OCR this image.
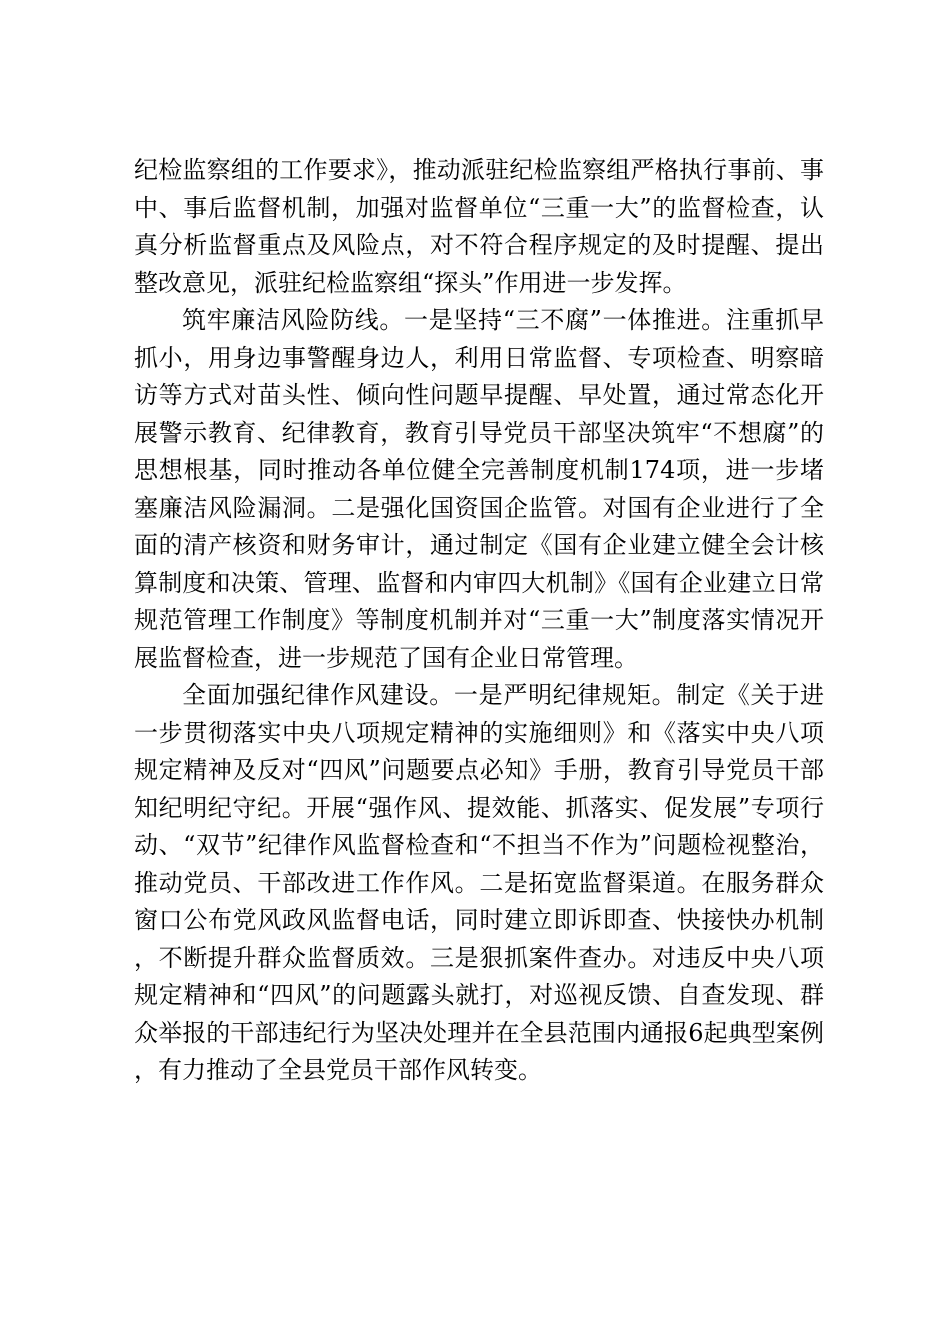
纪检监察组的工作要求》，推动派驻纪检监察组严格执行事前、事中、事后监督机制，加强对监督单位“三重一大”的监督检查，认真分析监督重点及风险点，对不符合程序规定的及时提醒、提出整改意见，派驻纪检监察组“探头”作用进一步发挥。

筑牢廉洁风险防线。一是坚持“三不腐”一体推进。注重抓早抓小，用身边事警醒身边人，利用日常监督、专项检查、明察暗访等方式对苗头性、倾向性问题早提醒、早处置，通过常态化开展警示教育、纪律教育，教育引导党员干部坚决筑牢“不想腐”的思想根基，同时推动各单位健全完善制度机制174项，进一步堵塞廉洁风险漏洞。二是强化国资国企监管。对国有企业进行了全面的清产核资和财务审计，通过制定《国有企业建立健全会计核算制度和决策、管理、监督和内审四大机制》《国有企业建立日常规范管理工作制度》等制度机制并对“三重一大”制度落实情况开展监督检查，进一步规范了国有企业日常管理。

全面加强纪律作风建设。一是严明纪律规矩。制定《关于进一步贯彻落实中央八项规定精神的实施细则》和《落实中央八项规定精神及反对“四风”问题要点必知》手册，教育引导党员干部知纪明纪守纪。开展“强作风、提效能、抓落实、促发展”专项行动、“双节”纪律作风监督检查和“不担当不作为”问题检视整治，推动党员、干部改进工作作风。二是拓宽监督渠道。在服务群众窗口公布党风政风监督电话，同时建立即诉即查、快接快办机制，不断提升群众监督质效。三是狠抓案件查办。对违反中央八项规定精神和“四风”的问题露头就打，对巡视反馈、自查发现、群众举报的干部违纪行为坚决处理并在全县范围内通报6起典型案例，有力推动了全县党员干部作风转变。
